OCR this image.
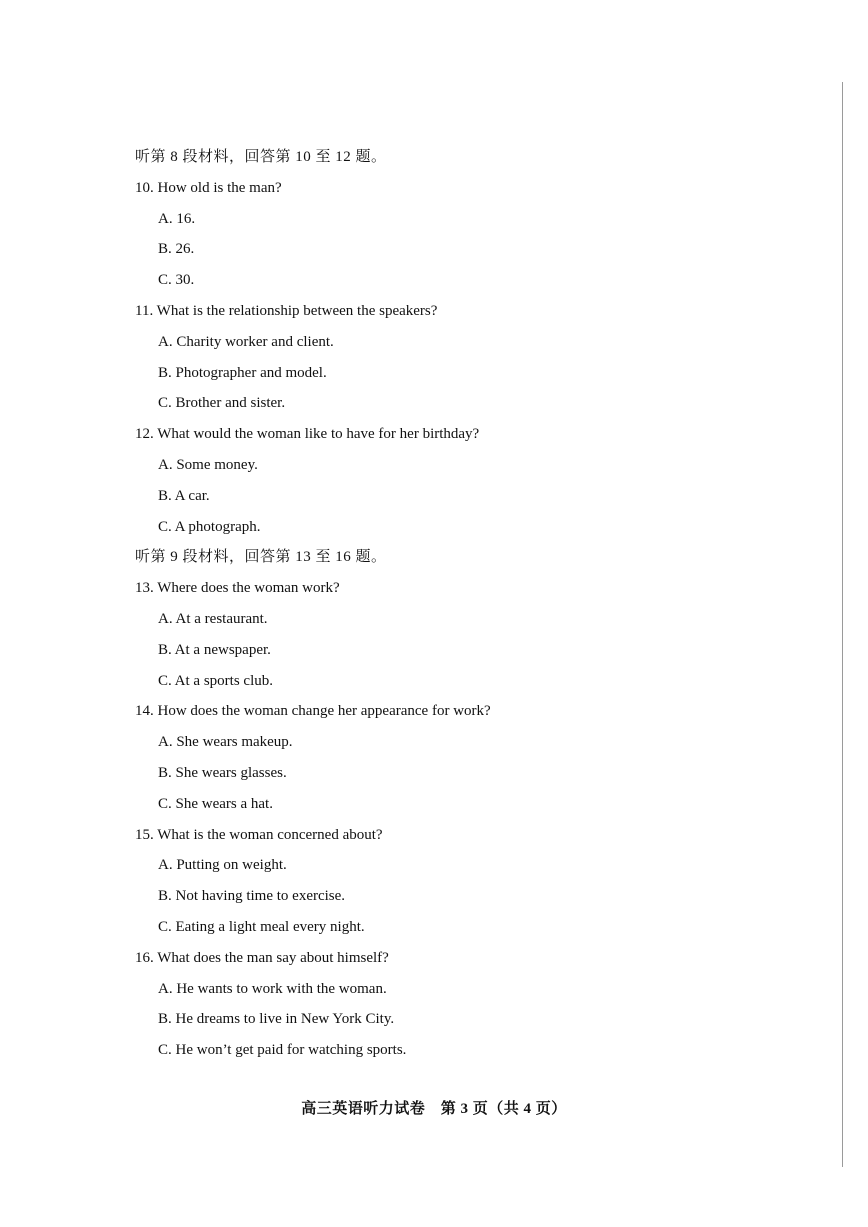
听第 8 段材料，回答第 10 至 12 题。
10. How old is the man?
A. 16.
B. 26.
C. 30.
11. What is the relationship between the speakers?
A. Charity worker and client.
B. Photographer and model.
C. Brother and sister.
12. What would the woman like to have for her birthday?
A. Some money.
B. A car.
C. A photograph.
听第 9 段材料，回答第 13 至 16 题。
13. Where does the woman work?
A. At a restaurant.
B. At a newspaper.
C. At a sports club.
14. How does the woman change her appearance for work?
A. She wears makeup.
B. She wears glasses.
C. She wears a hat.
15. What is the woman concerned about?
A. Putting on weight.
B. Not having time to exercise.
C. Eating a light meal every night.
16. What does the man say about himself?
A. He wants to work with the woman.
B. He dreams to live in New York City.
C. He won’t get paid for watching sports.
高三英语听力试卷　第 3 页（共 4 页）
